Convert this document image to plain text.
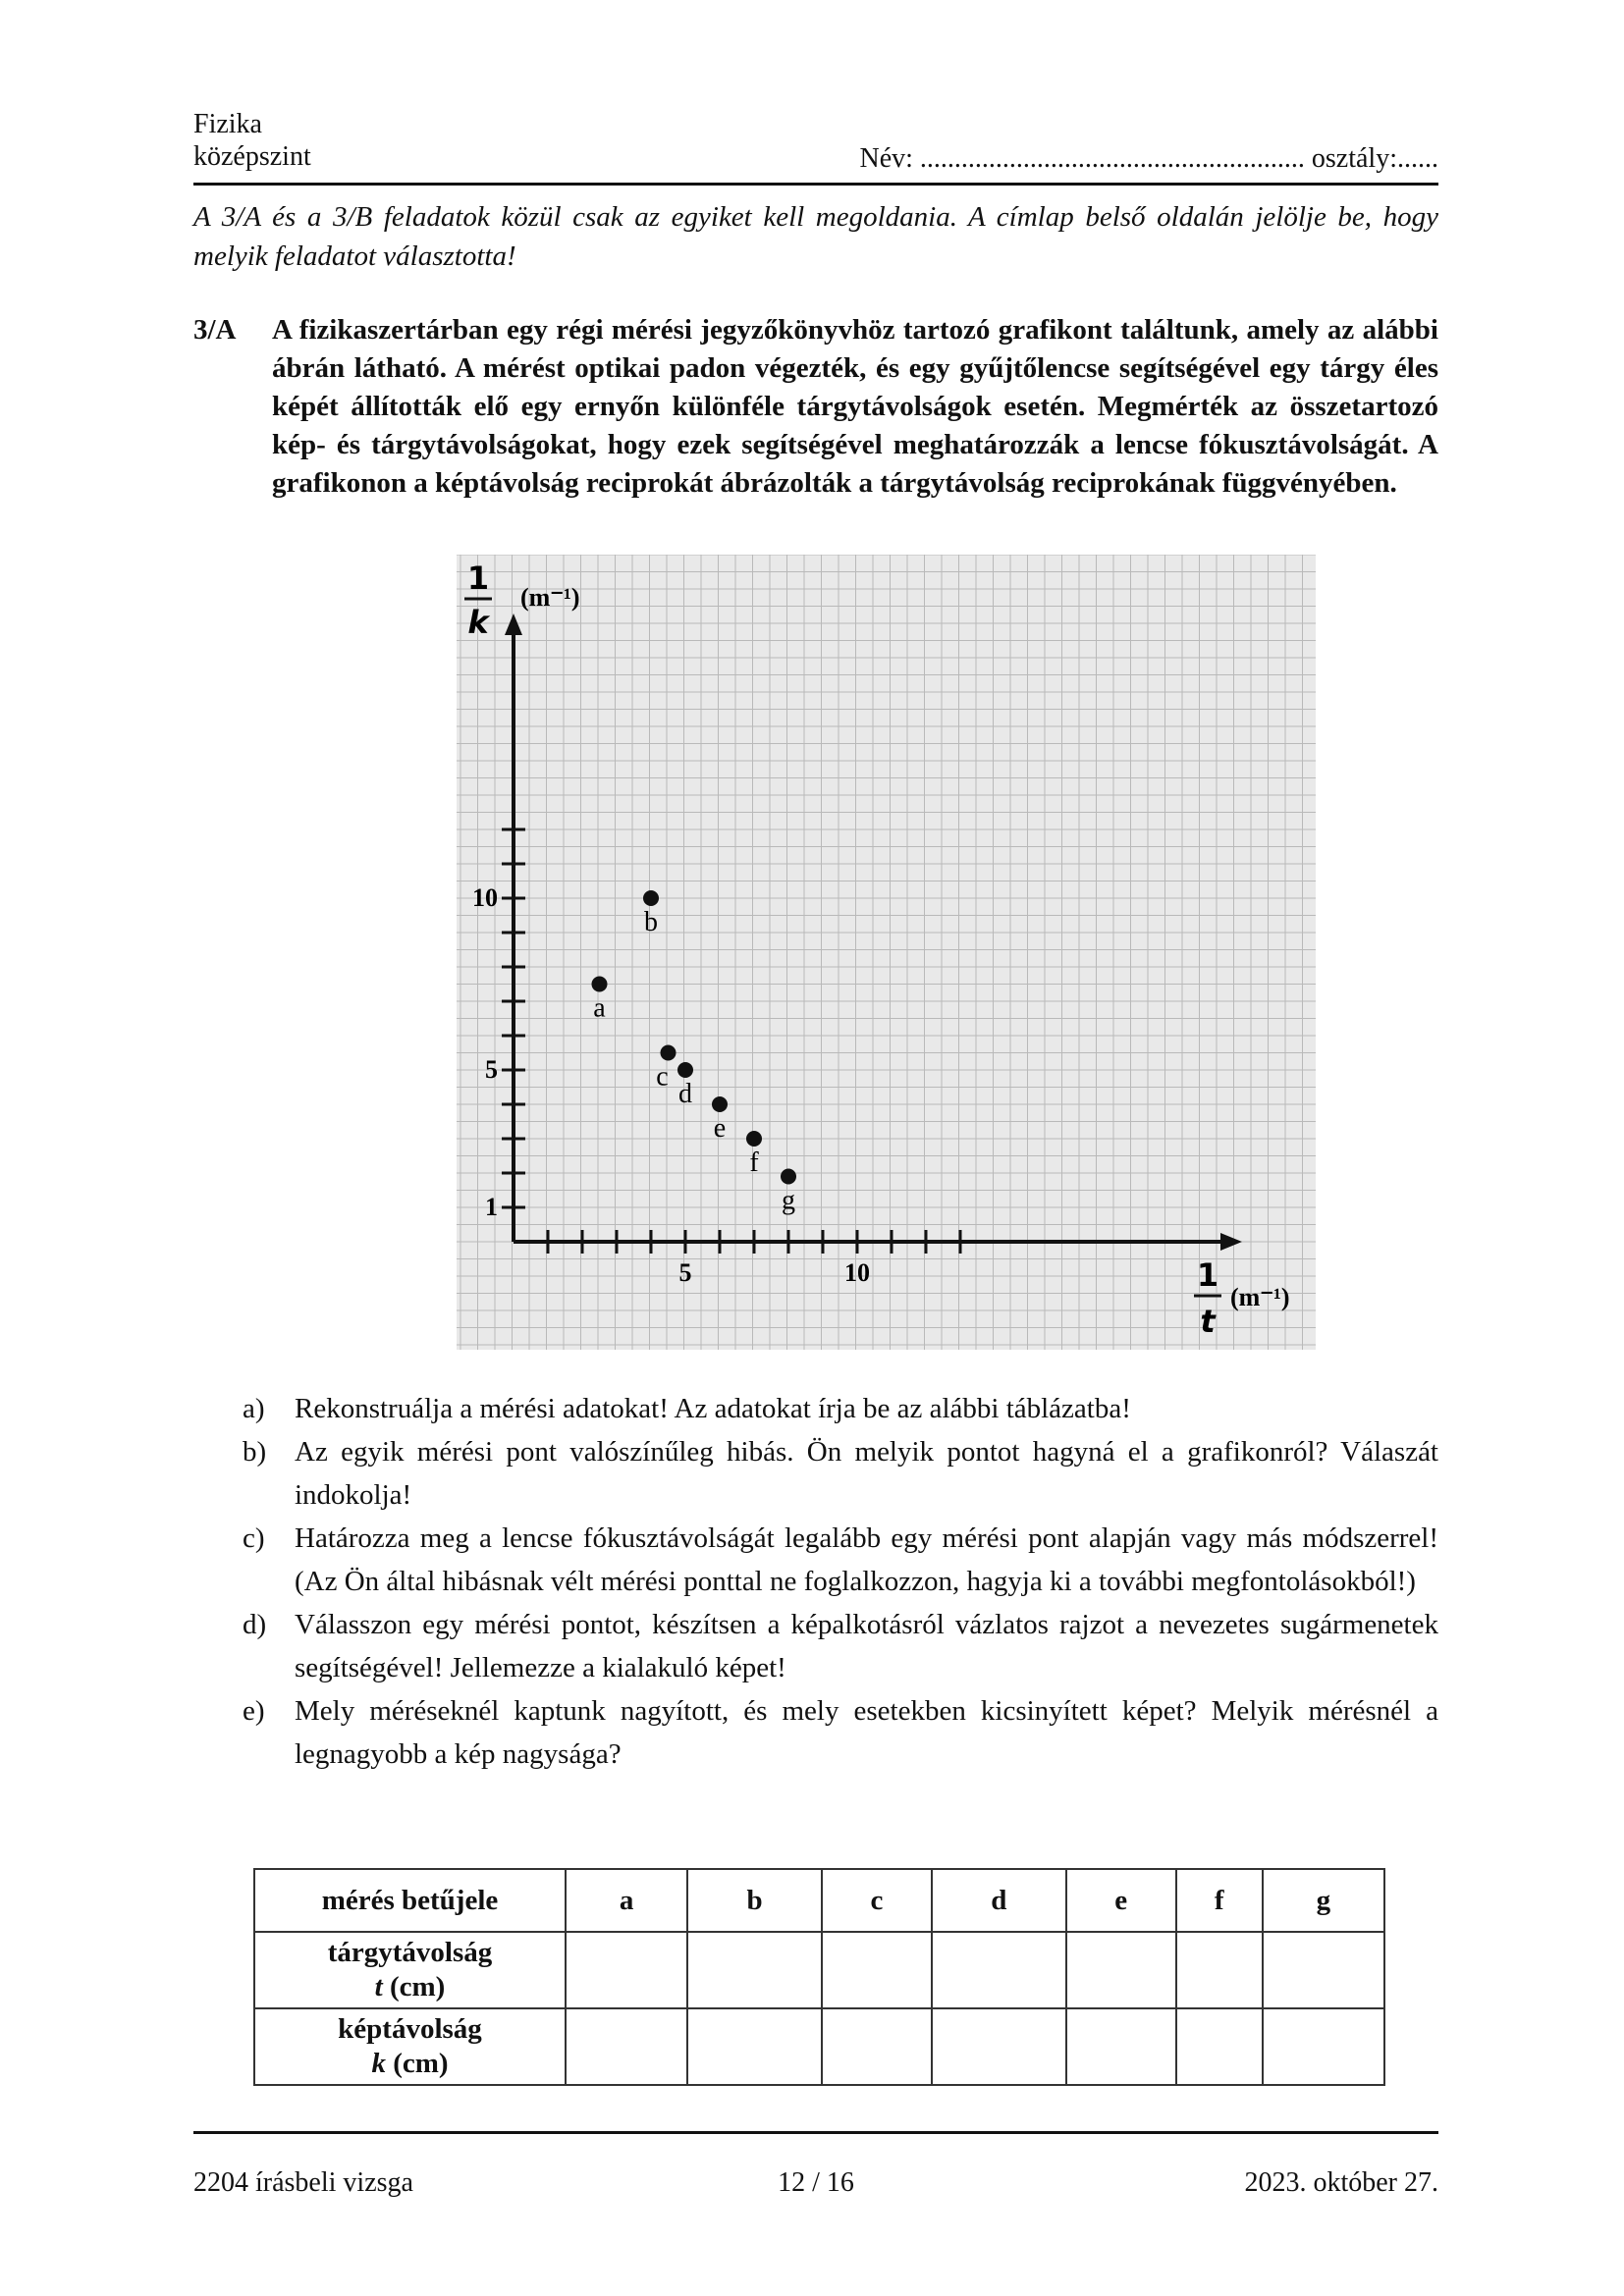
Fizika
középszint	Név: ........................................................ osztály:......
A 3/A és a 3/B feladatok közül csak az egyiket kell megoldania. A címlap belső oldalán jelölje be, hogy melyik feladatot választotta!
3/A A fizikaszertárban egy régi mérési jegyzőkönyvhöz tartozó grafikont találtunk, amely az alábbi ábrán látható. A mérést optikai padon végezték, és egy gyűjtőlencse segítségével egy tárgy éles képét állították elő egy ernyőn különféle tárgytávolságok esetén. Megmérték az összetartozó kép- és tárgytávolságokat, hogy ezek segítségével meghatározzák a lencse fókusztávolságát. A grafikonon a képtávolság reciprokát ábrázolták a tárgytávolság reciprokának függvényében.
10
5
1
5	10
a
b
c
d
e
f
g
1
k
(m⁻¹)
1
t
(m⁻¹)
a) Rekonstruálja a mérési adatokat! Az adatokat írja be az alábbi táblázatba!
b) Az egyik mérési pont valószínűleg hibás. Ön melyik pontot hagyná el a grafikonról? Válaszát indokolja!
c) Határozza meg a lencse fókusztávolságát legalább egy mérési pont alapján vagy más módszerrel! (Az Ön által hibásnak vélt mérési ponttal ne foglalkozzon, hagyja ki a további megfontolásokból!)
d) Válasszon egy mérési pontot, készítsen a képalkotásról vázlatos rajzot a nevezetes sugármenetek segítségével! Jellemezze a kialakuló képet!
e) Mely méréseknél kaptunk nagyított, és mely esetekben kicsinyített képet? Melyik mérésnél a legnagyobb a kép nagysága?
mérés betűjele	a	b	c	d	e	f	g

tárgytávolság
t (cm)							

képtávolság
k (cm)							

2204 írásbeli vizsga	12 / 16	2023. október 27.
